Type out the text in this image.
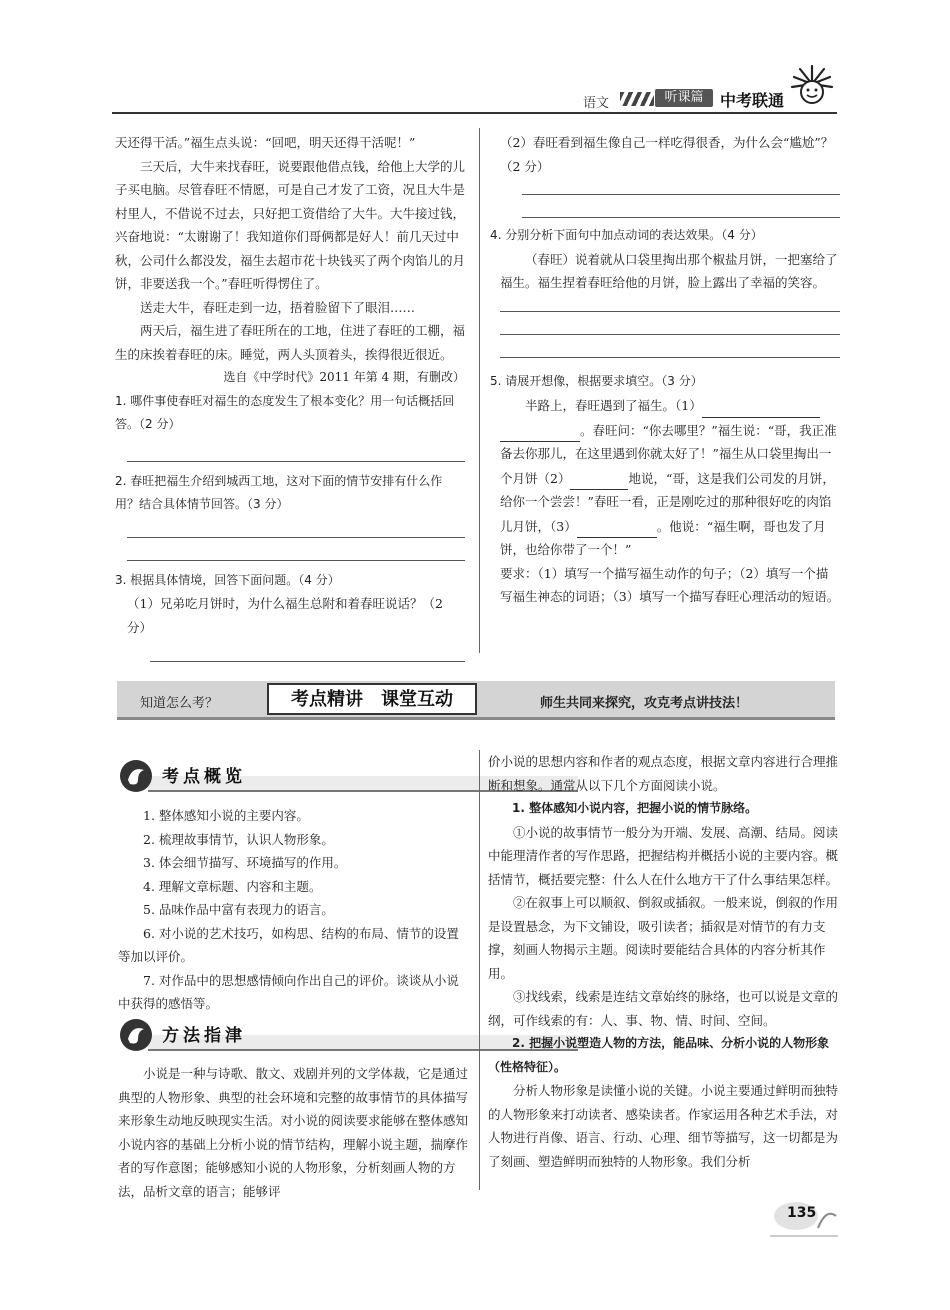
语文	听课篇	中考联通

天还得干活。”福生点头说：“回吧，明天还得干活呢！”

三天后，大牛来找春旺，说要跟他借点钱，给他上大学的儿子买电脑。尽管春旺不情愿，可是自己才发了工资，况且大牛是村里人，不借说不过去，只好把工资借给了大牛。大牛接过钱，兴奋地说：“太谢谢了！我知道你们哥俩都是好人！前几天过中秋，公司什么都没发，福生去超市花十块钱买了两个肉馅儿的月饼，非要送我一个。”春旺听得愣住了。

送走大牛，春旺走到一边，捂着脸留下了眼泪……

两天后，福生进了春旺所在的工地，住进了春旺的工棚，福生的床挨着春旺的床。睡觉，两人头顶着头，挨得很近很近。

选自《中学时代》2011 年第 4 期，有删改）

1. 哪件事使春旺对福生的态度发生了根本变化？用一句话概括回答。（2 分）

2. 春旺把福生介绍到城西工地，这对下面的情节安排有什么作用？结合具体情节回答。（3 分）

3. 根据具体情境，回答下面问题。（4 分）

（1）兄弟吃月饼时，为什么福生总附和着春旺说话？（2 分）

（2）春旺看到福生像自己一样吃得很香，为什么会“尴尬”？（2 分）

4. 分别分析下面句中加点动词的表达效果。（4 分）

（春旺）说着就从口袋里掏出那个椒盐月饼，一把塞给了福生。福生捏着春旺给他的月饼，脸上露出了幸福的笑容。

5. 请展开想像，根据要求填空。（3 分）

半路上，春旺遇到了福生。（1）  。春旺问：“你去哪里？”福生说：“哥，我正准备去你那儿，在这里遇到你就太好了！”福生从口袋里掏出一个月饼（2）	地说，“哥，这是我们公司发的月饼，给你一个尝尝！”春旺一看，正是刚吃过的那种很好吃的肉馅儿月饼，（3）	。他说：“福生啊，哥也发了月饼，也给你带了一个！”

要求：（1）填写一个描写福生动作的句子；（2）填写一个描写福生神态的词语；（3）填写一个描写春旺心理活动的短语。

知道怎么考？	考点精讲　课堂互动	师生共同来探究，攻克考点讲技法！
考点概览

1. 整体感知小说的主要内容。

2. 梳理故事情节，认识人物形象。

3. 体会细节描写、环境描写的作用。

4. 理解文章标题、内容和主题。

5. 品味作品中富有表现力的语言。

6. 对小说的艺术技巧，如构思、结构的布局、情节的设置等加以评价。

7. 对作品中的思想感情倾向作出自己的评价。谈谈从小说中获得的感悟等。

方法指津

小说是一种与诗歌、散文、戏剧并列的文学体裁，它是通过典型的人物形象、典型的社会环境和完整的故事情节的具体描写来形象生动地反映现实生活。对小说的阅读要求能够在整体感知小说内容的基础上分析小说的情节结构，理解小说主题，揣摩作者的写作意图；能够感知小说的人物形象，分析刻画人物的方法，品析文章的语言；能够评

价小说的思想内容和作者的观点态度，根据文章内容进行合理推断和想象。通常从以下几个方面阅读小说。

1. 整体感知小说内容，把握小说的情节脉络。

①小说的故事情节一般分为开端、发展、高潮、结局。阅读中能理清作者的写作思路，把握结构并概括小说的主要内容。概括情节，概括要完整：什么人在什么地方干了什么事结果怎样。

②在叙事上可以顺叙、倒叙或插叙。一般来说，倒叙的作用是设置悬念，为下文铺设，吸引读者；插叙是对情节的有力支撑，刻画人物揭示主题。阅读时要能结合具体的内容分析其作用。

③找线索，线索是连结文章始终的脉络，也可以说是文章的纲，可作线索的有：人、事、物、情、时间、空间。

2. 把握小说塑造人物的方法，能品味、分析小说的人物形象（性格特征）。

分析人物形象是读懂小说的关键。小说主要通过鲜明而独特的人物形象来打动读者、感染读者。作家运用各种艺术手法，对人物进行肖像、语言、行动、心理、细节等描写，这一切都是为了刻画、塑造鲜明而独特的人物形象。我们分析

135
